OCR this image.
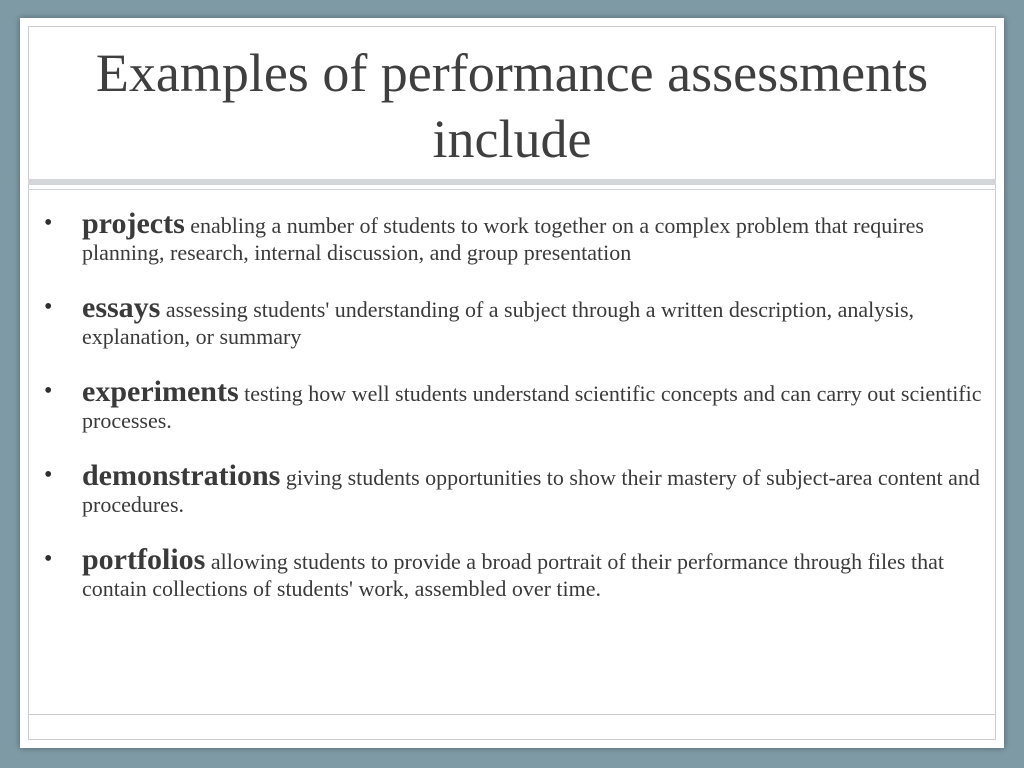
Examples of performance assessments include
• projects enabling a number of students to work together on a complex problem that requires planning, research, internal discussion, and group presentation
• essays assessing students' understanding of a subject through a written description, analysis, explanation, or summary
• experiments testing how well students understand scientific concepts and can carry out scientific processes.
• demonstrations giving students opportunities to show their mastery of subject-area content and procedures.
• portfolios allowing students to provide a broad portrait of their performance through files that contain collections of students' work, assembled over time.
